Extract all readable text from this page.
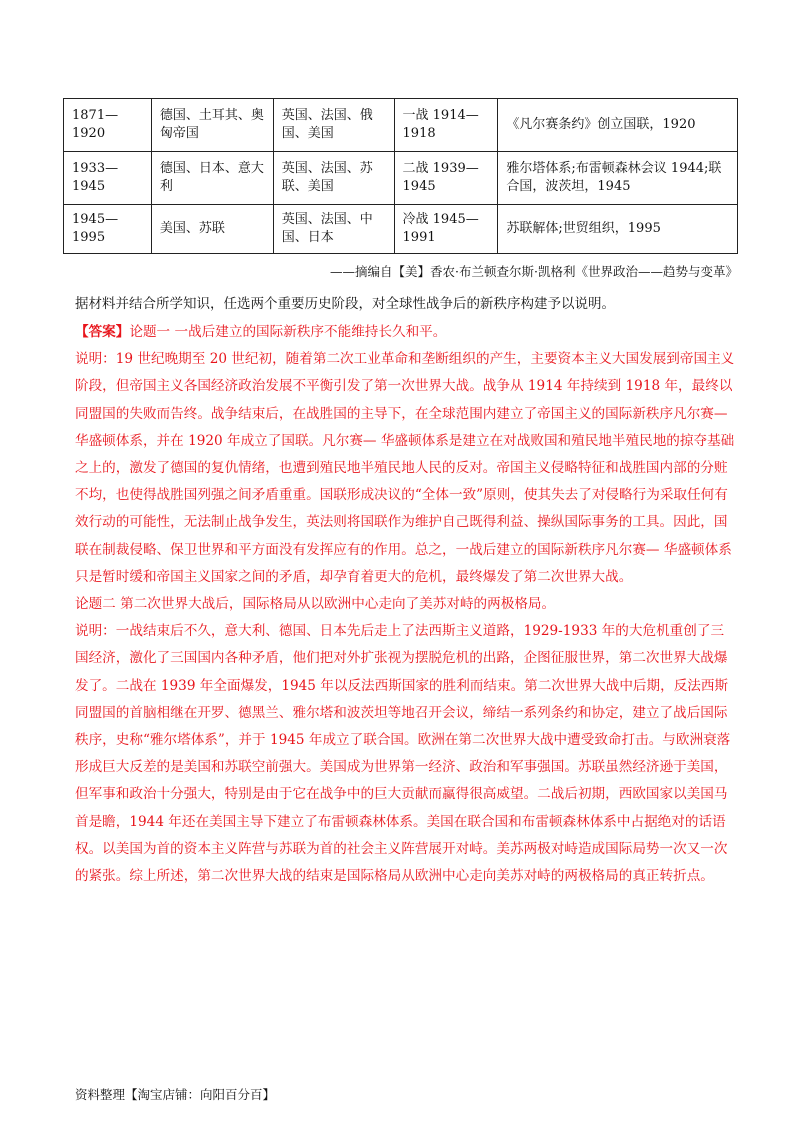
1871—1920	德国、土耳其、奥匈帝国	英国、法国、俄国、美国	一战 1914—1918	《凡尔赛条约》创立国联，1920
1933—1945	德国、日本、意大利	英国、法国、苏联、美国	二战 1939—1945	雅尔塔体系;布雷顿森林会议 1944;联合国，波茨坦，1945
1945—1995	美国、苏联	英国、法国、中国、日本	冷战 1945—1991	苏联解体;世贸组织，1995
——摘编自【美】香农·布兰顿查尔斯·凯格利《世界政治——趋势与变革》
据材料并结合所学知识，任选两个重要历史阶段，对全球性战争后的新秩序构建予以说明。

【答案】论题一 一战后建立的国际新秩序不能维持长久和平。

说明：19 世纪晚期至 20 世纪初，随着第二次工业革命和垄断组织的产生，主要资本主义大国发展到帝国主义阶段，但帝国主义各国经济政治发展不平衡引发了第一次世界大战。战争从 1914 年持续到 1918 年，最终以同盟国的失败而告终。战争结束后，在战胜国的主导下，在全球范围内建立了帝国主义的国际新秩序凡尔赛—华盛顿体系，并在 1920 年成立了国联。凡尔赛— 华盛顿体系是建立在对战败国和殖民地半殖民地的掠夺基础之上的，激发了德国的复仇情绪，也遭到殖民地半殖民地人民的反对。帝国主义侵略特征和战胜国内部的分赃不均，也使得战胜国列强之间矛盾重重。国联形成决议的“全体一致”原则，使其失去了对侵略行为采取任何有效行动的可能性，无法制止战争发生，英法则将国联作为维护自己既得利益、操纵国际事务的工具。因此，国联在制裁侵略、保卫世界和平方面没有发挥应有的作用。总之，一战后建立的国际新秩序凡尔赛— 华盛顿体系只是暂时缓和帝国主义国家之间的矛盾，却孕育着更大的危机，最终爆发了第二次世界大战。

论题二 第二次世界大战后，国际格局从以欧洲中心走向了美苏对峙的两极格局。

说明：一战结束后不久，意大利、德国、日本先后走上了法西斯主义道路，1929-1933 年的大危机重创了三国经济，激化了三国国内各种矛盾，他们把对外扩张视为摆脱危机的出路，企图征服世界，第二次世界大战爆发了。二战在 1939 年全面爆发，1945 年以反法西斯国家的胜利而结束。第二次世界大战中后期，反法西斯同盟国的首脑相继在开罗、德黑兰、雅尔塔和波茨坦等地召开会议，缔结一系列条约和协定，建立了战后国际秩序，史称“雅尔塔体系”，并于 1945 年成立了联合国。欧洲在第二次世界大战中遭受致命打击。与欧洲衰落形成巨大反差的是美国和苏联空前强大。美国成为世界第一经济、政治和军事强国。苏联虽然经济逊于美国，但军事和政治十分强大，特别是由于它在战争中的巨大贡献而赢得很高威望。二战后初期，西欧国家以美国马首是瞻，1944 年还在美国主导下建立了布雷顿森林体系。美国在联合国和布雷顿森林体系中占据绝对的话语权。以美国为首的资本主义阵营与苏联为首的社会主义阵营展开对峙。美苏两极对峙造成国际局势一次又一次的紧张。综上所述，第二次世界大战的结束是国际格局从欧洲中心走向美苏对峙的两极格局的真正转折点。

资料整理【淘宝店铺：向阳百分百】
